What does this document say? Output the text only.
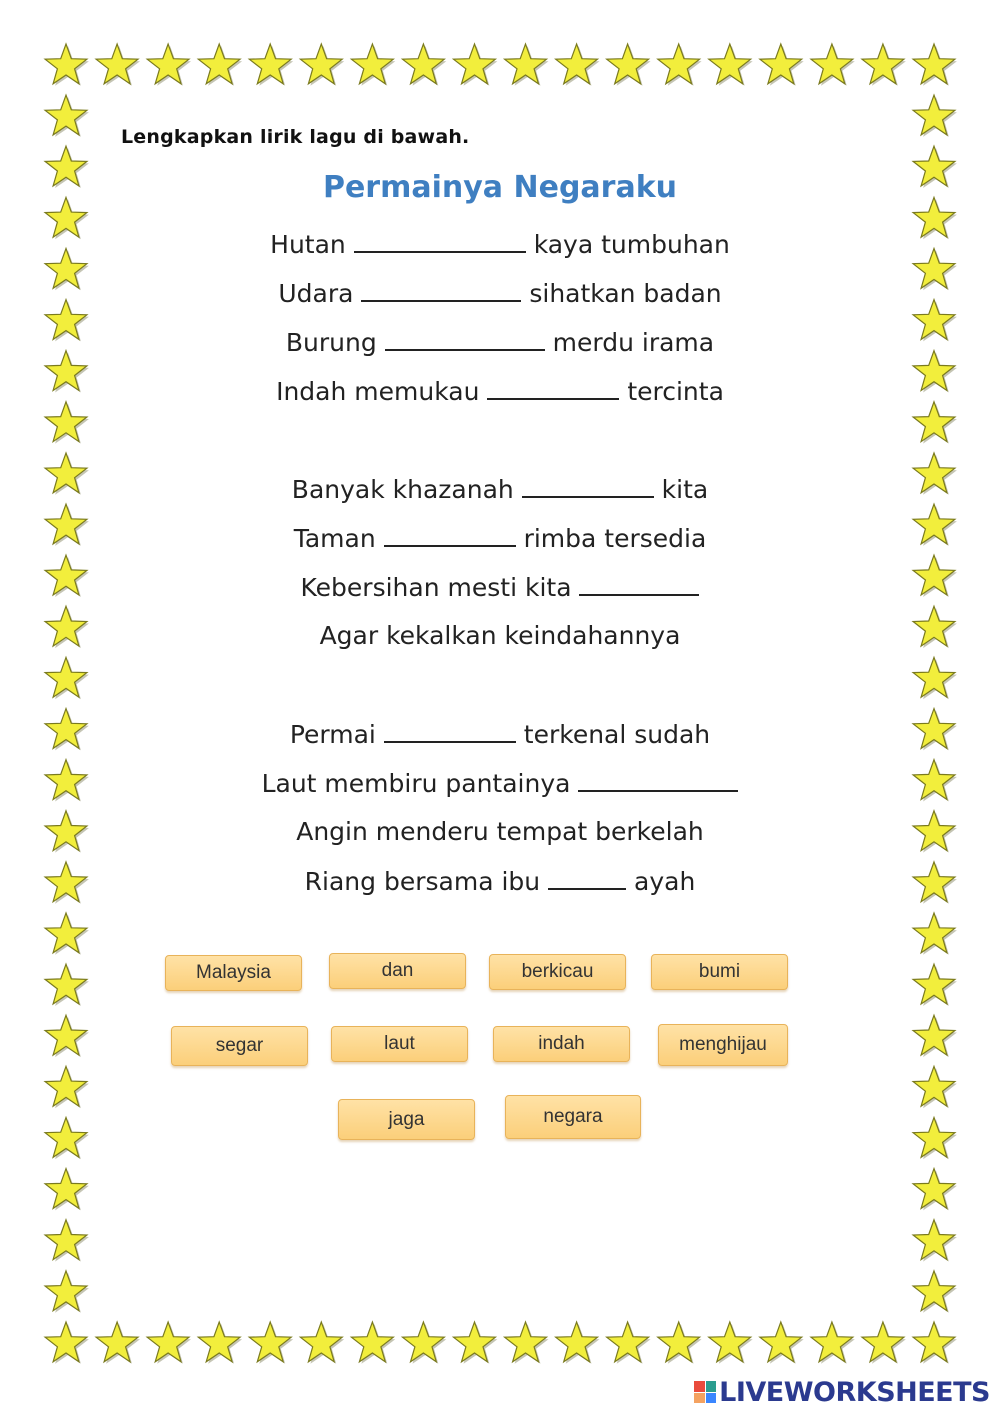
Lengkapkan lirik lagu di bawah.
Permainya Negaraku
Hutan	kaya tumbuhan
Udara	sihatkan badan
Burung	merdu irama
Indah memukau	tercinta
Banyak khazanah	kita
Taman	rimba tersedia
Kebersihan mesti kita
Agar kekalkan keindahannya
Permai	terkenal sudah
Laut membiru pantainya
Angin menderu tempat berkelah
Riang bersama ibu	ayah
Malaysia	dan	berkicau	bumi
segar	laut	indah	menghijau
jaga	negara
LIVEWORKSHEETS
